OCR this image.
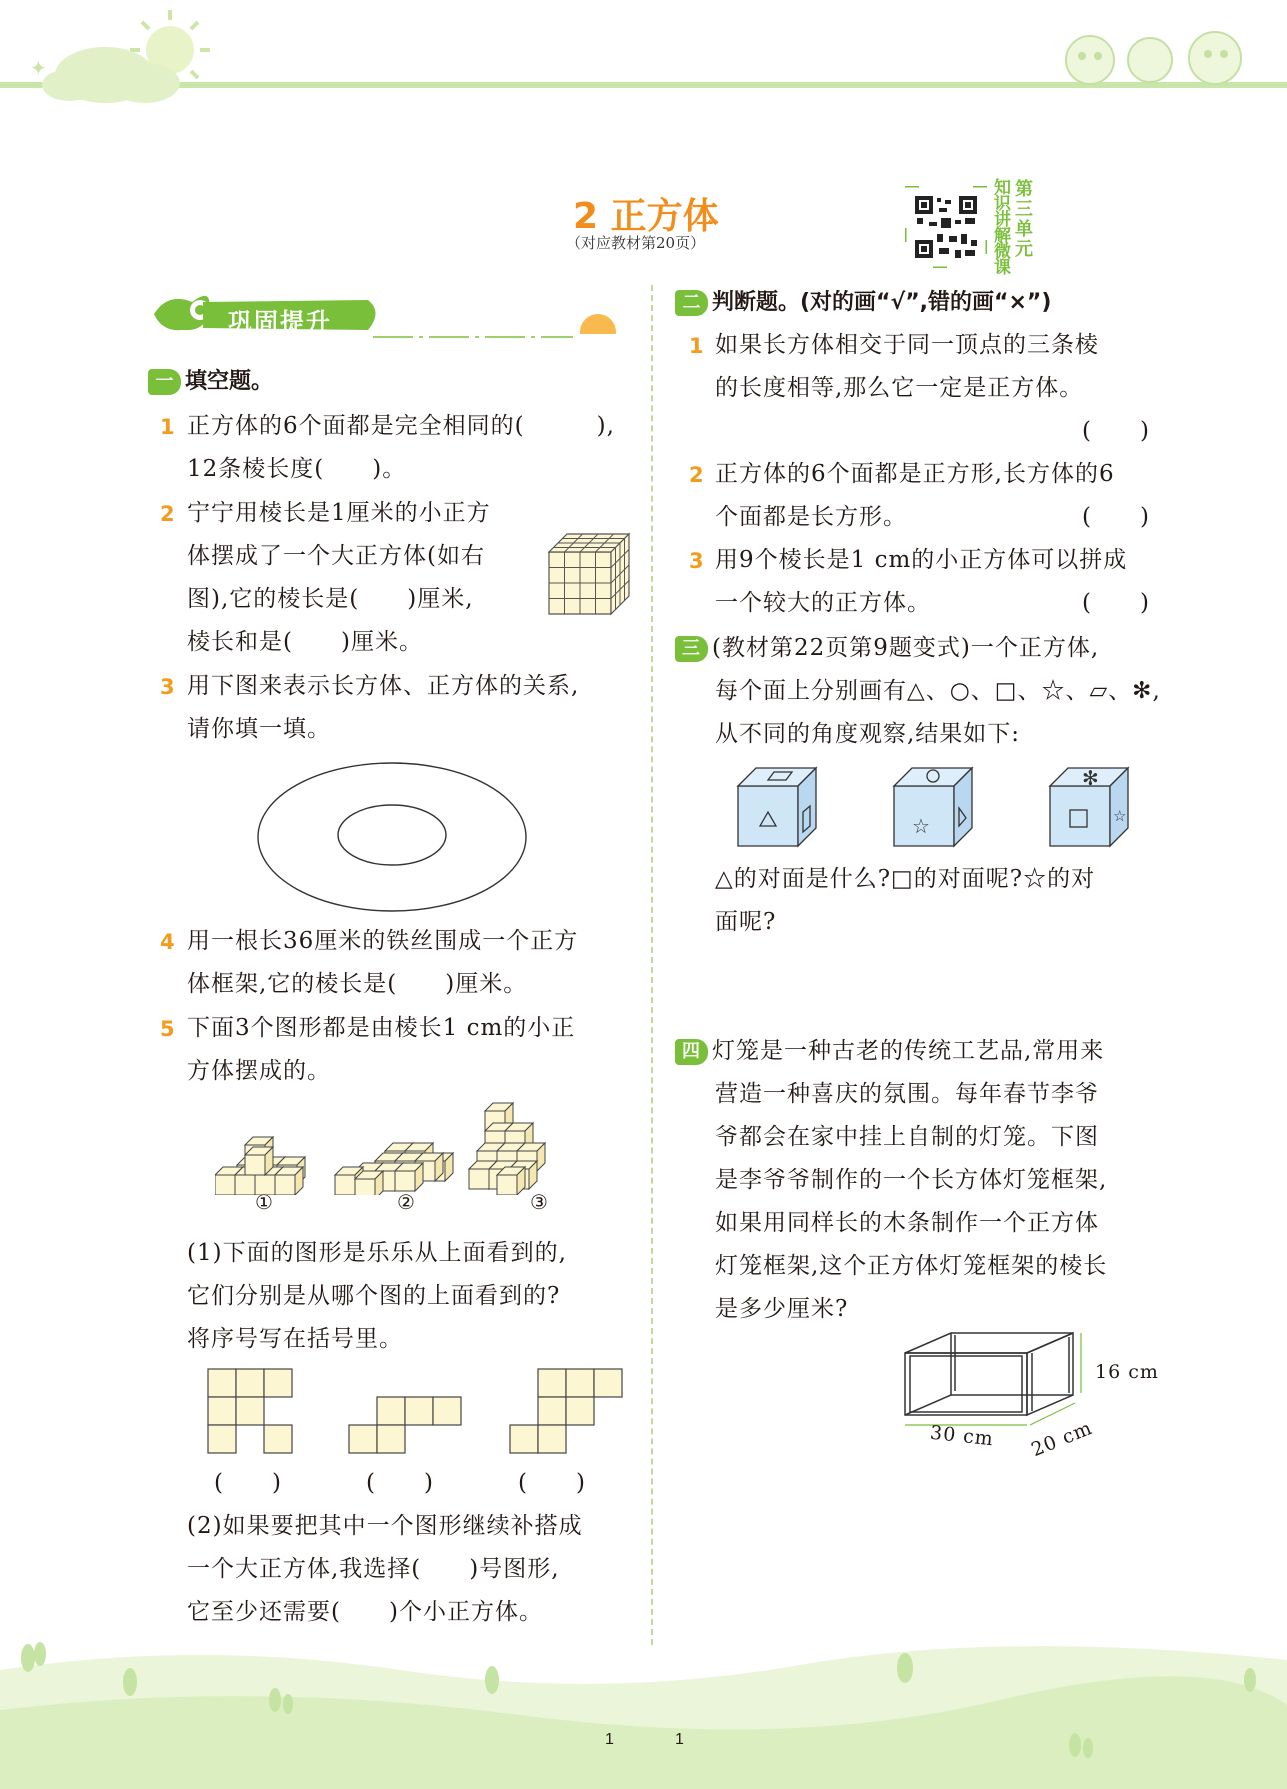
✦
2 正方体
（对应教材第20页）
知识讲解微课
第三单元
巩固提升
一 填空题。
1 正方体的6个面都是完全相同的(　　　),
12条棱长度(　　)。
2 宁宁用棱长是1厘米的小正方
体摆成了一个大正方体(如右
图),它的棱长是(　　)厘米,
棱长和是(　　)厘米。
3 用下图来表示长方体、正方体的关系,
请你填一填。
4 用一根长36厘米的铁丝围成一个正方
体框架,它的棱长是(　　)厘米。
5 下面3个图形都是由棱长1 cm的小正
方体摆成的。
①	②	③
(1)下面的图形是乐乐从上面看到的,
它们分别是从哪个图的上面看到的?
将序号写在括号里。
(　　)	(　　)	(　　)
(2)如果要把其中一个图形继续补搭成
一个大正方体,我选择(　　)号图形,
它至少还需要(　　)个小正方体。
二 判断题。(对的画“√”,错的画“×”)
1 如果长方体相交于同一顶点的三条棱
的长度相等,那么它一定是正方体。
(　　)
2 正方体的6个面都是正方形,长方体的6
个面都是长方形。	(　　)
3 用9个棱长是1 cm的小正方体可以拼成
一个较大的正方体。	(　　)
三 (教材第22页第9题变式)一个正方体,
每个面上分别画有△、○、□、☆、▱、✻,
从不同的角度观察,结果如下:
☆	☆
✻
△的对面是什么?□的对面呢?☆的对
面呢?
四 灯笼是一种古老的传统工艺品,常用来
营造一种喜庆的氛围。每年春节李爷
爷都会在家中挂上自制的灯笼。下图
是李爷爷制作的一个长方体灯笼框架,
如果用同样长的木条制作一个正方体
灯笼框架,这个正方体灯笼框架的棱长
是多少厘米?
16 cm
30 cm 20 cm
1	1
